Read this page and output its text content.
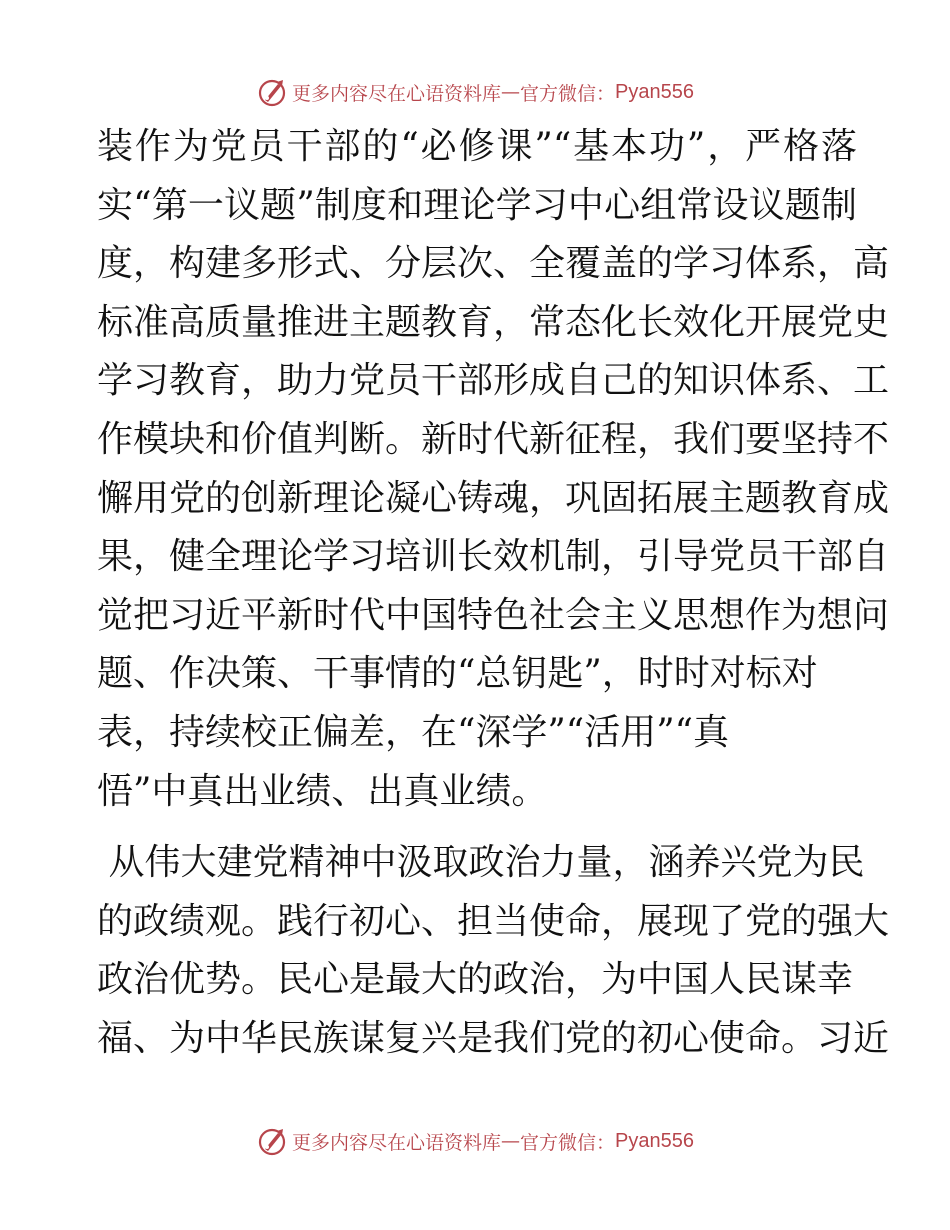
更多内容尽在心语资料库 — 官方微信： Pyan556
装作为党员干部的“必修课”“基本功”，严格落
实“第一议题”制度和理论学习中心组常设议题制
度，构建多形式、分层次、全覆盖的学习体系，高
标准高质量推进主题教育，常态化长效化开展党史
学习教育，助力党员干部形成自己的知识体系、工
作模块和价值判断。新时代新征程，我们要坚持不
懈用党的创新理论凝心铸魂，巩固拓展主题教育成
果，健全理论学习培训长效机制，引导党员干部自
觉把习近平新时代中国特色社会主义思想作为想问
题、作决策、干事情的“总钥匙”，时时对标对
表，持续校正偏差，在“深学”“活用”“真
悟”中真出业绩、出真业绩。
从伟大建党精神中汲取政治力量，涵养兴党为民
的政绩观。践行初心、担当使命，展现了党的强大
政治优势。民心是最大的政治，为中国人民谋幸
福、为中华民族谋复兴是我们党的初心使命。习近
更多内容尽在心语资料库 — 官方微信： Pyan556
